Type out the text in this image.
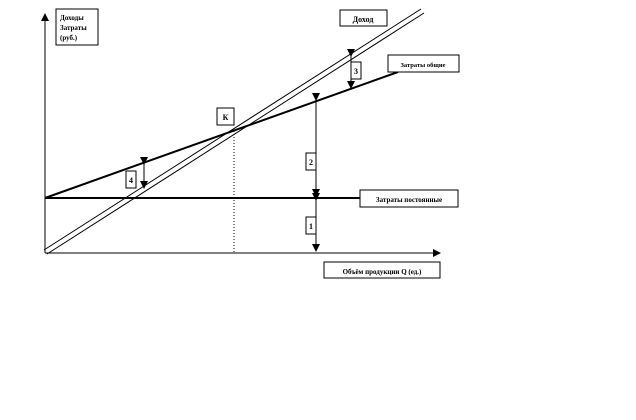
Доходы
Затраты
(руб.)
Доход
Затраты общие
Затраты постоянные
Объём продукции Q (ед.)
К
1
2
3
4
